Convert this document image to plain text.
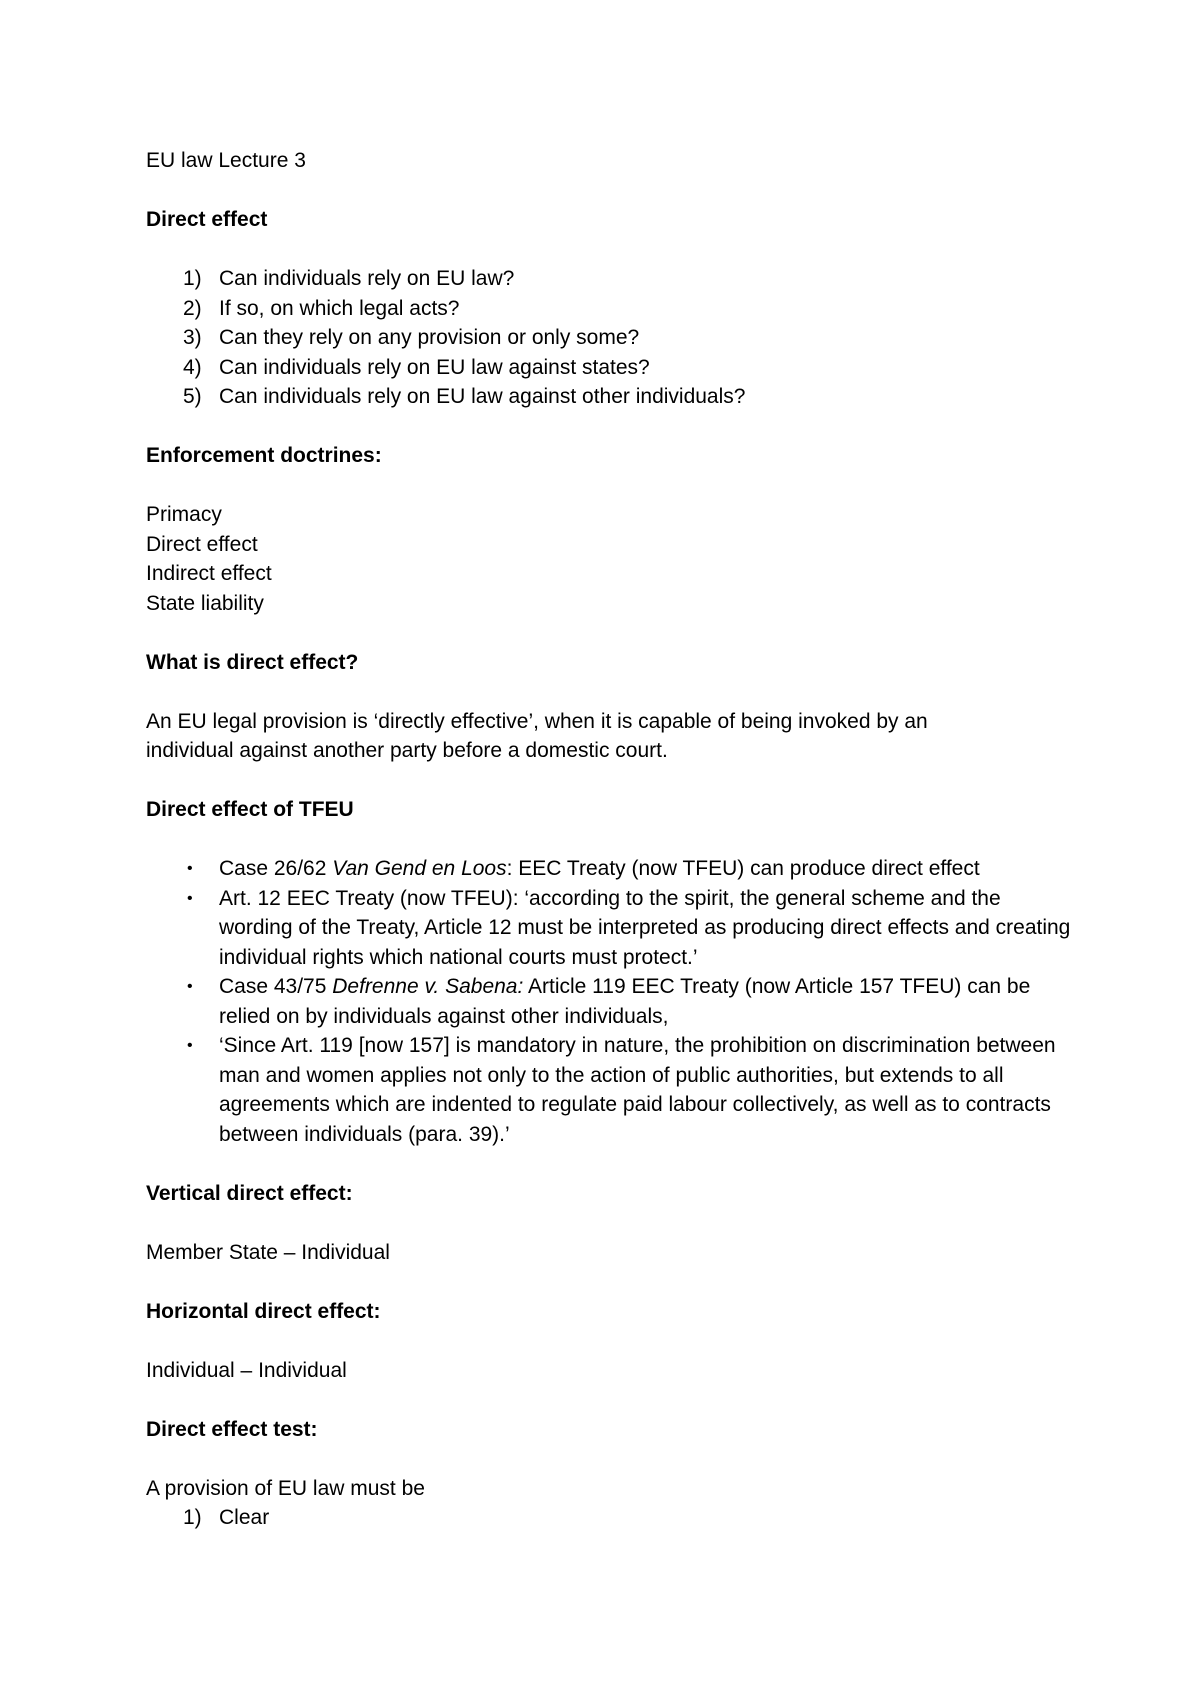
EU law Lecture 3

Direct effect

1) Can individuals rely on EU law?
2) If so, on which legal acts?
3) Can they rely on any provision or only some?
4) Can individuals rely on EU law against states?
5) Can individuals rely on EU law against other individuals?

Enforcement doctrines:

Primacy

Direct effect

Indirect effect

State liability

What is direct effect?

An EU legal provision is ‘directly effective’, when it is capable of being invoked by an individual against another party before a domestic court.

Direct effect of TFEU

• Case 26/62 Van Gend en Loos: EEC Treaty (now TFEU) can produce direct effect
• Art. 12 EEC Treaty (now TFEU): ‘according to the spirit, the general scheme and the wording of the Treaty, Article 12 must be interpreted as producing direct effects and creating individual rights which national courts must protect.’
• Case 43/75 Defrenne v. Sabena: Article 119 EEC Treaty (now Article 157 TFEU) can be relied on by individuals against other individuals,
• ‘Since Art. 119 [now 157] is mandatory in nature, the prohibition on discrimination between man and women applies not only to the action of public authorities, but extends to all agreements which are indented to regulate paid labour collectively, as well as to contracts between individuals (para. 39).’

Vertical direct effect:

Member State – Individual

Horizontal direct effect:

Individual – Individual

Direct effect test:

A provision of EU law must be

1) Clear
